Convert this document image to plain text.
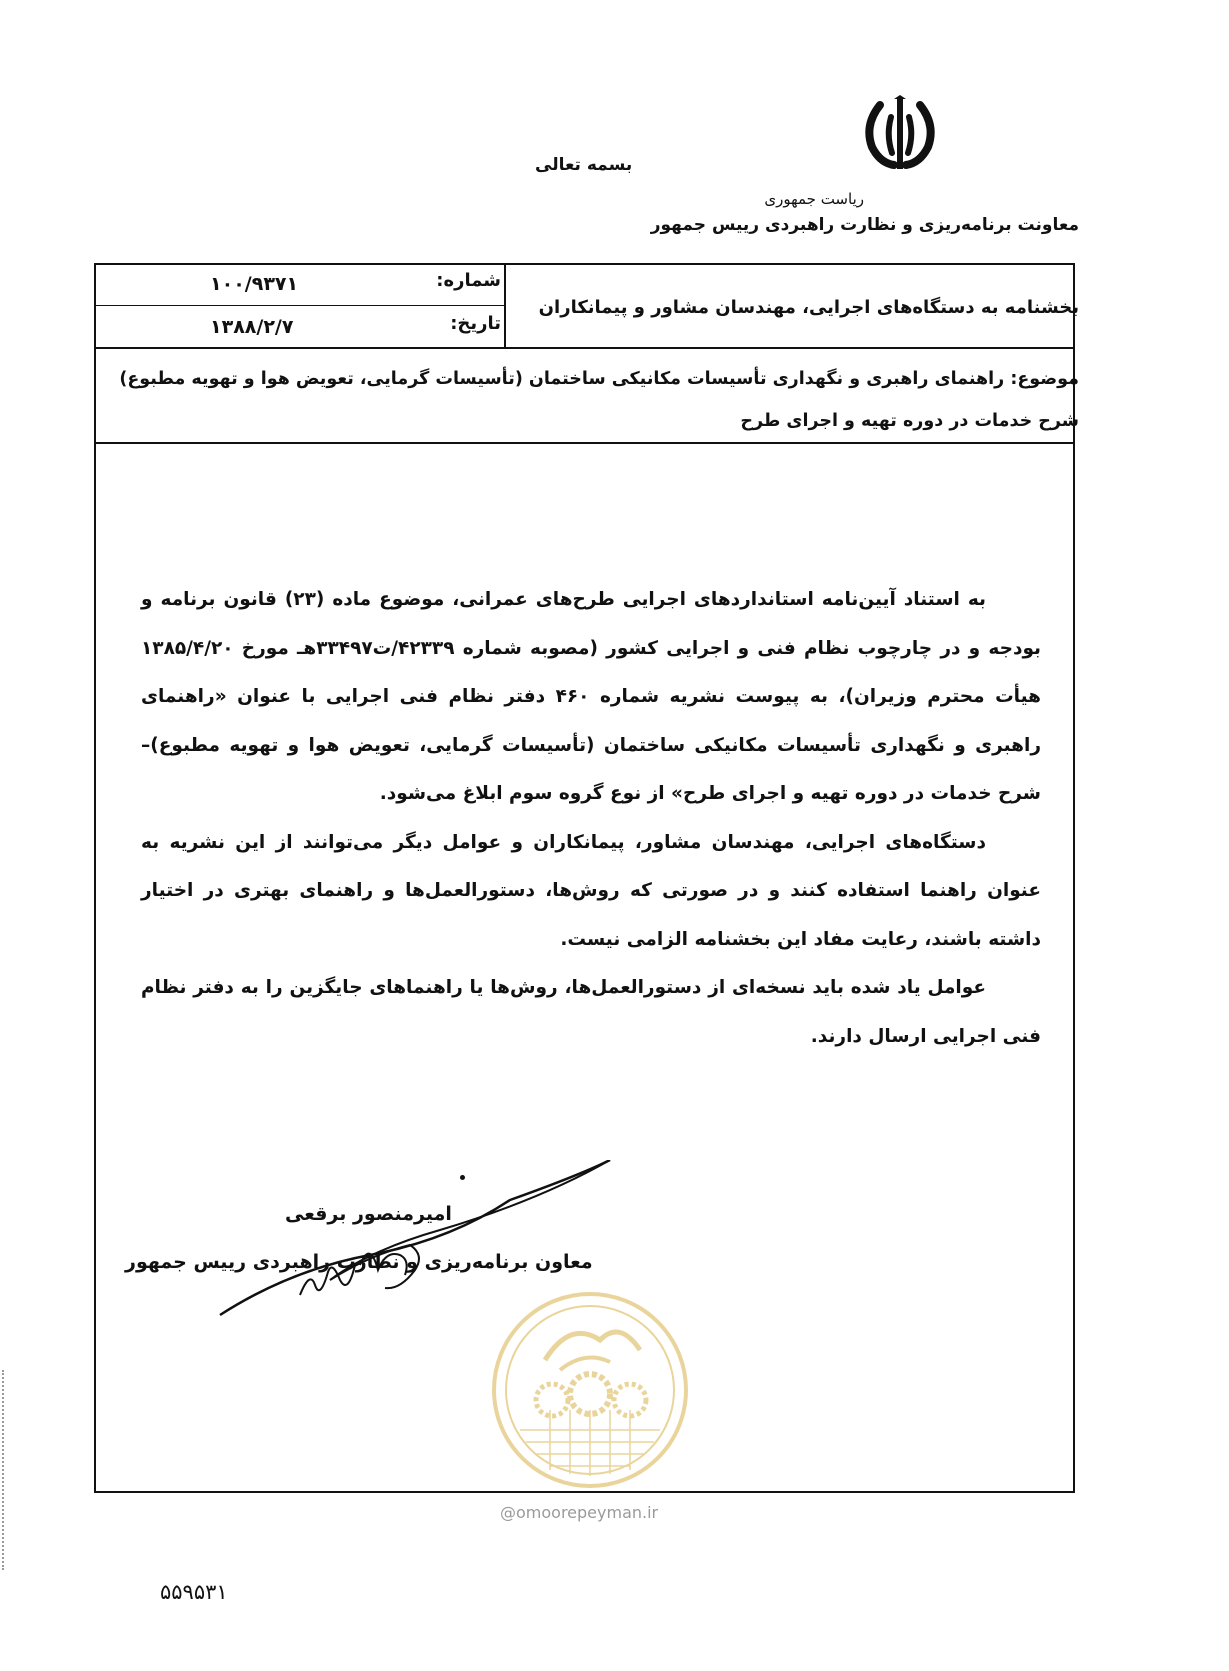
بسمه تعالی
ریاست جمهوری
معاونت برنامه‌ریزی و نظارت راهبردی رییس جمهور
شماره:
۱۰۰/۹۳۷۱
تاریخ:
۱۳۸۸/۲/۷
بخشنامه به دستگاه‌های اجرایی، مهندسان مشاور و پیمانکاران
موضوع: راهنمای راهبری و نگهداری تأسیسات مکانیکی ساختمان (تأسیسات گرمایی، تعویض هوا و تهویه مطبوع)
شرح خدمات در دوره تهیه و اجرای طرح

به استناد آیین‌نامه استانداردهای اجرایی طرح‌های عمرانی، موضوع ماده (۲۳) قانون برنامه و بودجه و در چارچوب نظام فنی و اجرایی کشور (مصوبه شماره ۴۲۳۳۹/ت۳۳۴۹۷هـ مورخ ۱۳۸۵/۴/۲۰ هیأت محترم وزیران)، به پیوست نشریه شماره ۴۶۰ دفتر نظام فنی اجرایی با عنوان «راهنمای راهبری و نگهداری تأسیسات مکانیکی ساختمان (تأسیسات گرمایی، تعویض هوا و تهویه مطبوع)– شرح خدمات در دوره تهیه و اجرای طرح» از نوع گروه سوم ابلاغ می‌شود.

دستگاه‌های اجرایی، مهندسان مشاور، پیمانکاران و عوامل دیگر می‌توانند از این نشریه به عنوان راهنما استفاده کنند و در صورتی که روش‌ها، دستورالعمل‌ها و راهنمای بهتری در اختیار داشته باشند، رعایت مفاد این بخشنامه الزامی نیست.

عوامل یاد شده باید نسخه‌ای از دستورالعمل‌ها، روش‌ها یا راهنماهای جایگزین را به دفتر نظام فنی اجرایی ارسال دارند.

امیرمنصور برقعی
معاون برنامه‌ریزی و نظارت راهبردی رییس جمهور
@omoorepeyman.ir
۵۵۹۵۳۱
